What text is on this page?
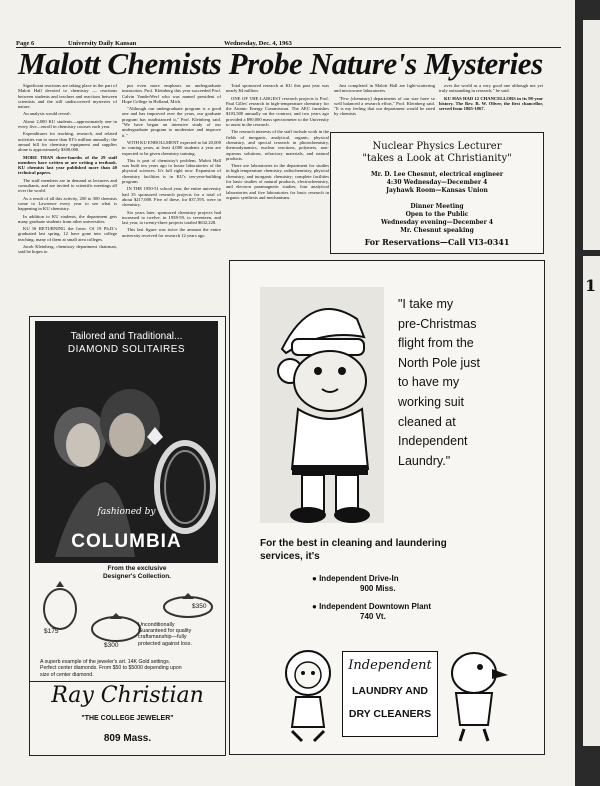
Page 6	University Daily Kansan	Wednesday, Dec. 4, 1963
Malott Chemists Probe Nature's Mysteries

Significant reactions are taking place in the part of Malott Hall devoted to chemistry — reactions between students and teachers and reactions between scientists and the still undiscovered mysteries of nature.

An analysis would reveal:

About 2,000 KU students—approximately one in every five—enroll in chemistry courses each year.

Expenditures for teaching, research, and related activities run to more than $1½ million annually; the annual bill for chemistry equipment and supplies alone is approximately $300,000.

MORE THAN three-fourths of the 29 staff members have written or are writing a textbook. KU chemists last year published more than 40 technical papers.

The staff members are in demand as lecturers and consultants, and are invited to scientific meetings all over the world.

As a result of all this activity, 200 to 300 chemists come to Lawrence every year to see what is happening in KU chemistry.

In addition to KU students, the department gets many graduate students from other universities.

KU IS RETURNING the favor. Of 19 Ph.D.'s graduated last spring, 12 have gone into college teaching, many of them at small area colleges.

Jacob Kleinberg, chemistry department chairman, said he hopes to

put even more emphasis on undergraduate instruction. Prof. Kleinberg this year succeeded Prof. Calvin VanderWerf who was named president of Hope College in Holland, Mich.

"Although our undergraduate program is a good one and has improved over the years, our graduate program has outdistanced it," Prof. Kleinberg said. "We have begun an intensive study of our undergraduate program to modernize and improve it."

WITH KU ENROLLMENT expected to hit 20,000 in coming years, at least 4,000 students a year are expected to be given chemistry training.

This is part of chemistry's problem. Malott Hall was built ten years ago to house laboratories of the physical sciences. It's full right now. Expansion of chemistry facilities is in KU's ten-year-building program.

IN THE 1950-51 school year, the entire university had 35 sponsored research projects for a total of about $217,000. Five of these, for $37,595, were in chemistry.

Six years later, sponsored chemistry projects had increased to twelve, in 1958-59, to seventeen, and last year, to twenty-three projects totaled $632,228.

This last figure was twice the amount the entire university received for research 12 years ago.

Total sponsored research at KU this past year was nearly $4 million.

ONE OF THE LARGEST research projects is Prof. Paul Gilles' research in high-temperature chemistry for the Atomic Energy Commission. The AEC furnishes $103,500 annually on the contract, and two years ago provided a $90,000 mass spectrometer to the University to assist in the research.

The research interests of the staff include work in the fields of inorganic, analytical, organic, physical chemistry, and special research in photochemistry, thermodynamics, nuclear reactions, polymers, non-aqueous solutions, refractory materials, and natural products.

There are laboratories in the department for studies in high temperature chemistry, radiochemistry, physical chemistry, and inorganic chemistry; complete facilities for basic studies of natural products, electrochemistry, and electron paramagnetic studies; four analytical laboratories and five laboratories for basic research in organic synthesis and mechanisms.

Just completed in Malott Hall are light-scattering and microwave laboratories.

"Few (chemistry) departments of our size have so well balanced a research effort," Prof. Kleinberg said. "It is my feeling that our department would be rated by chemists

over the world as a very good one although not yet truly outstanding in research," he said.

KU HAS HAD 12 CHANCELLORS in its 98-year history. The Rev. R. W. Oliver, the first chancellor, served from 1865-1867.

Nuclear Physics Lecturer
"takes a Look at Christianity"
Mr. D. Lee Chesnut, electrical engineer
4:30 Wednesday—December 4
Jayhawk Room—Kansas Union
Dinner Meeting
Open to the Public
Wednesday evening—December 4
Mr. Chesnut speaking
For Reservations—Call VI3-0341
Tailored and Traditional...
DIAMOND SOLITAIRES
fashioned by
COLUMBIA
From the exclusive
Designer's Collection.
$175
$300
$350
Unconditionally
Guaranteed for quality
craftsmanship—fully
protected against loss.
A superb example of the jeweler's art. 14K Gold settings.
Perfect center diamonds. From $50 to $5000 depending upon
size of center diamond.
Ray Christian
"THE COLLEGE JEWELER"
809 Mass.
"I take my
pre-Christmas
flight from the
North Pole just
to have my
working suit
cleaned at
Independent
Laundry."
For the best in cleaning and laundering
services, it's
● Independent Drive-In
900 Miss.
● Independent Downtown Plant
740 Vt.
Independent
LAUNDRY AND
DRY CLEANERS
1
